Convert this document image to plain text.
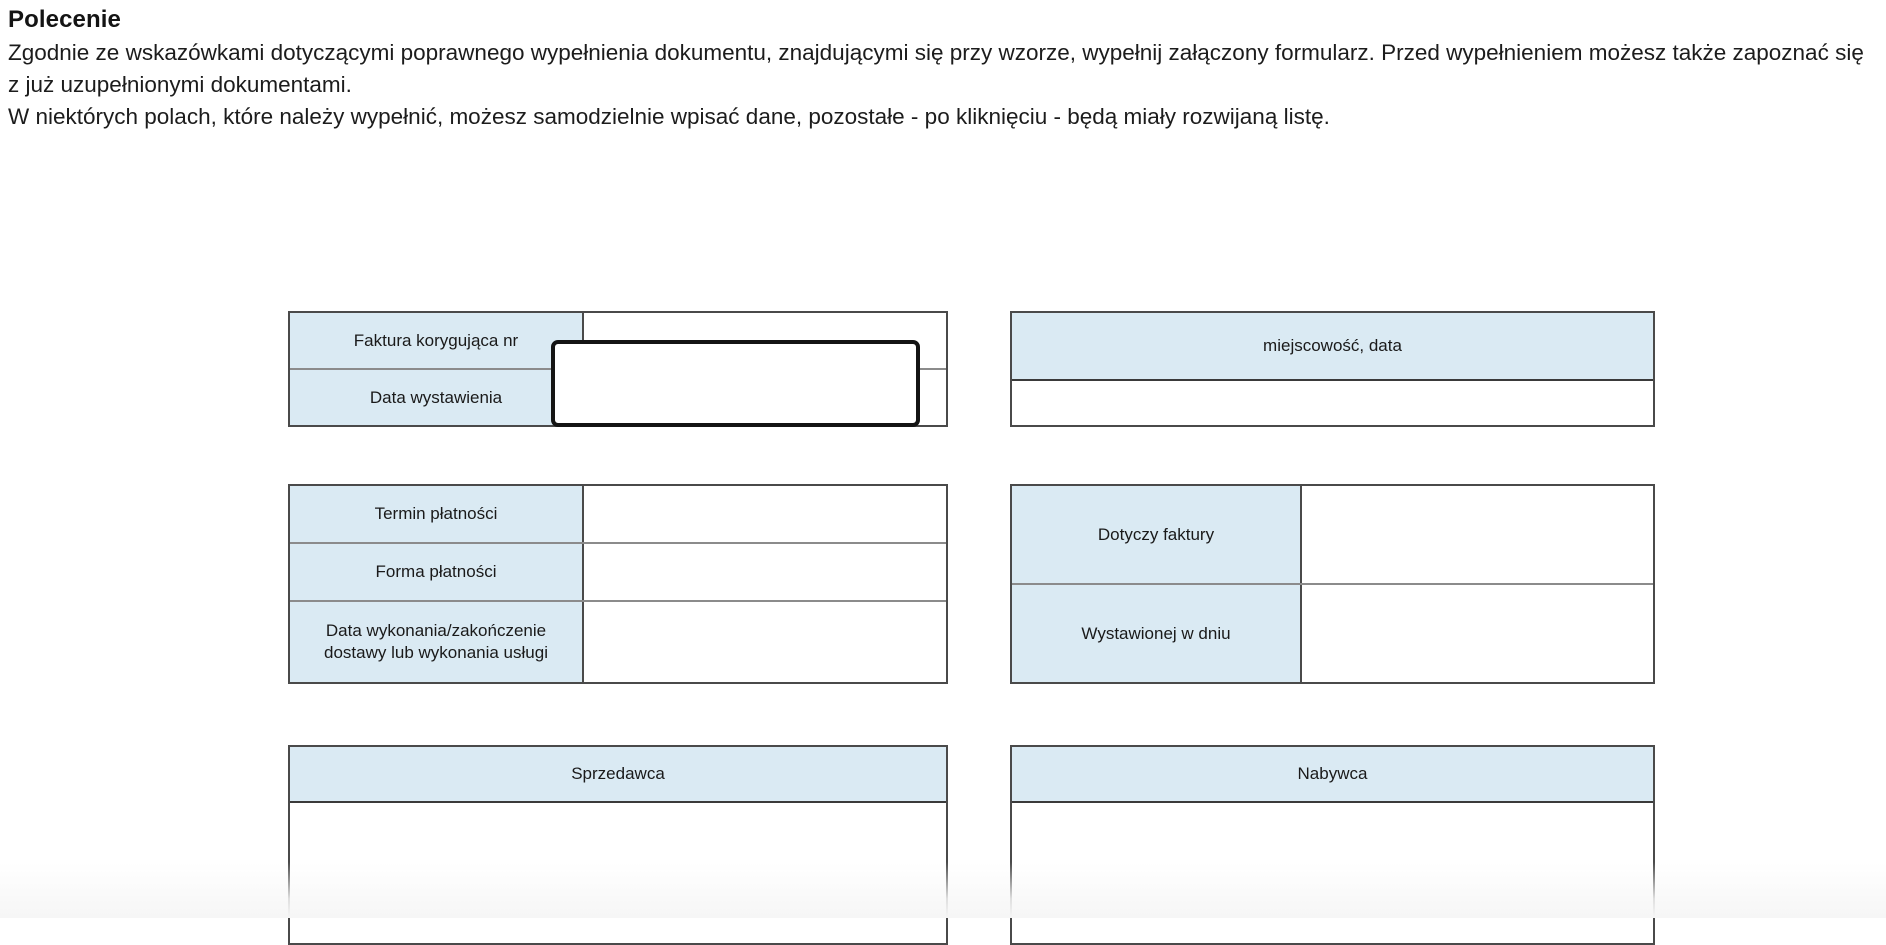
Polecenie

Zgodnie ze wskazówkami dotyczącymi poprawnego wypełnienia dokumentu, znajdującymi się przy wzorze, wypełnij załączony formularz. Przed wypełnieniem możesz także zapoznać się z już uzupełnionymi dokumentami.

W niektórych polach, które należy wypełnić, możesz samodzielnie wpisać dane, pozostałe - po kliknięciu - będą miały rozwijaną listę.

Faktura korygująca nr
Data wystawienia
miejscowość, data
Termin płatności
Forma płatności
Data wykonania/zakończenie dostawy lub wykonania usługi
Dotyczy faktury
Wystawionej w dniu
Sprzedawca	Nabywca
